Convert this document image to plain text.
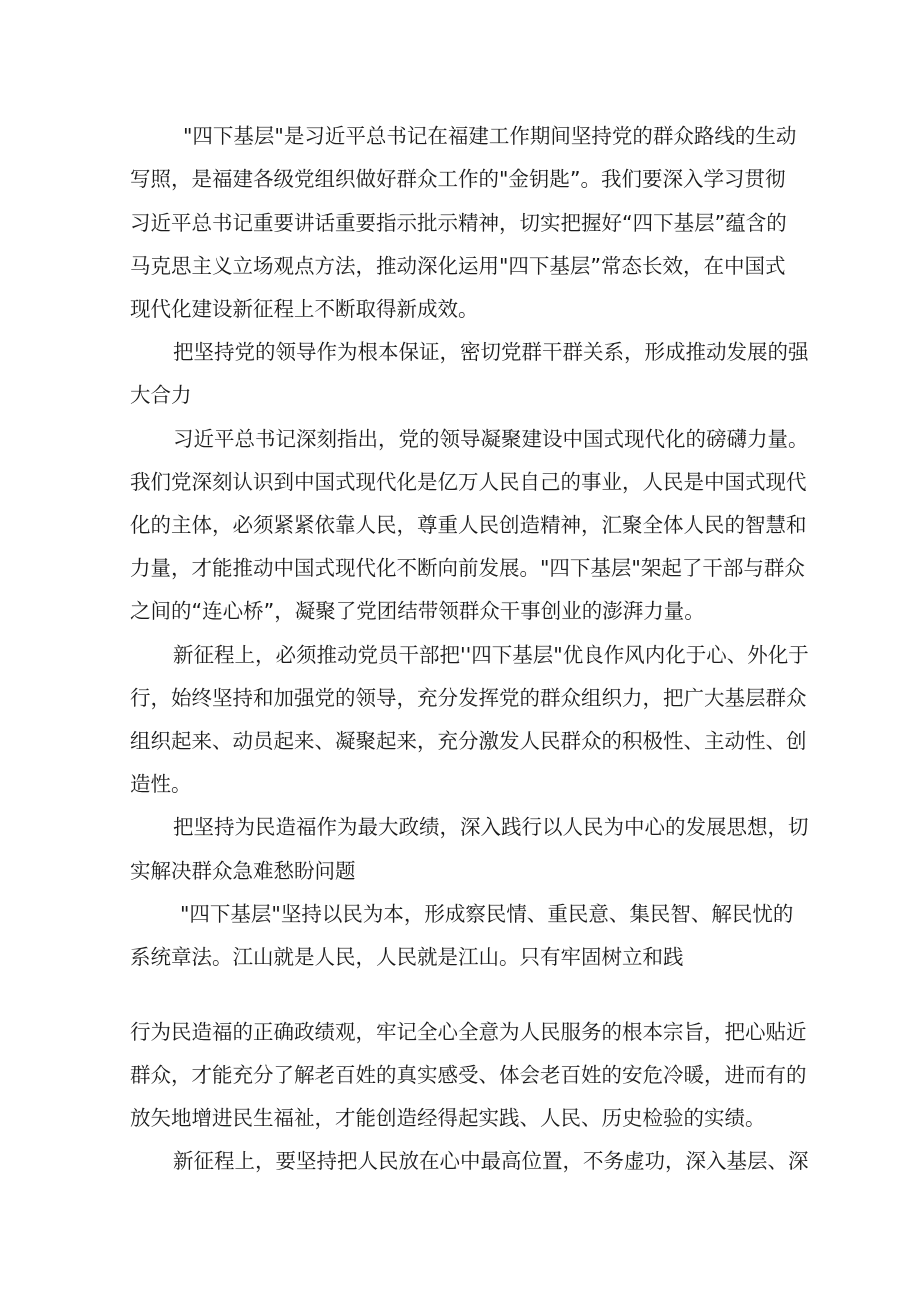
"四下基层"是习近平总书记在福建工作期间坚持党的群众路线的生动
写照，是福建各级党组织做好群众工作的"金钥匙”。我们要深入学习贯彻
习近平总书记重要讲话重要指示批示精神，切实把握好“四下基层”蕴含的
马克思主义立场观点方法，推动深化运用"四下基层”常态长效，在中国式
现代化建设新征程上不断取得新成效。
把坚持党的领导作为根本保证，密切党群干群关系，形成推动发展的强
大合力
习近平总书记深刻指出，党的领导凝聚建设中国式现代化的磅礴力量。
我们党深刻认识到中国式现代化是亿万人民自己的事业，人民是中国式现代
化的主体，必须紧紧依靠人民，尊重人民创造精神，汇聚全体人民的智慧和
力量，才能推动中国式现代化不断向前发展。"四下基层"架起了干部与群众
之间的“连心桥”，凝聚了党团结带领群众干事创业的澎湃力量。
新征程上，必须推动党员干部把''四下基层"优良作风内化于心、外化于
行，始终坚持和加强党的领导，充分发挥党的群众组织力，把广大基层群众
组织起来、动员起来、凝聚起来，充分激发人民群众的积极性、主动性、创
造性。
把坚持为民造福作为最大政绩，深入践行以人民为中心的发展思想，切
实解决群众急难愁盼问题
"四下基层"坚持以民为本，形成察民情、重民意、集民智、解民忧的
系统章法。江山就是人民，人民就是江山。只有牢固树立和践
行为民造福的正确政绩观，牢记全心全意为人民服务的根本宗旨，把心贴近
群众，才能充分了解老百姓的真实感受、体会老百姓的安危冷暖，进而有的
放矢地增进民生福祉，才能创造经得起实践、人民、历史检验的实绩。
新征程上，要坚持把人民放在心中最高位置，不务虚功，深入基层、深
